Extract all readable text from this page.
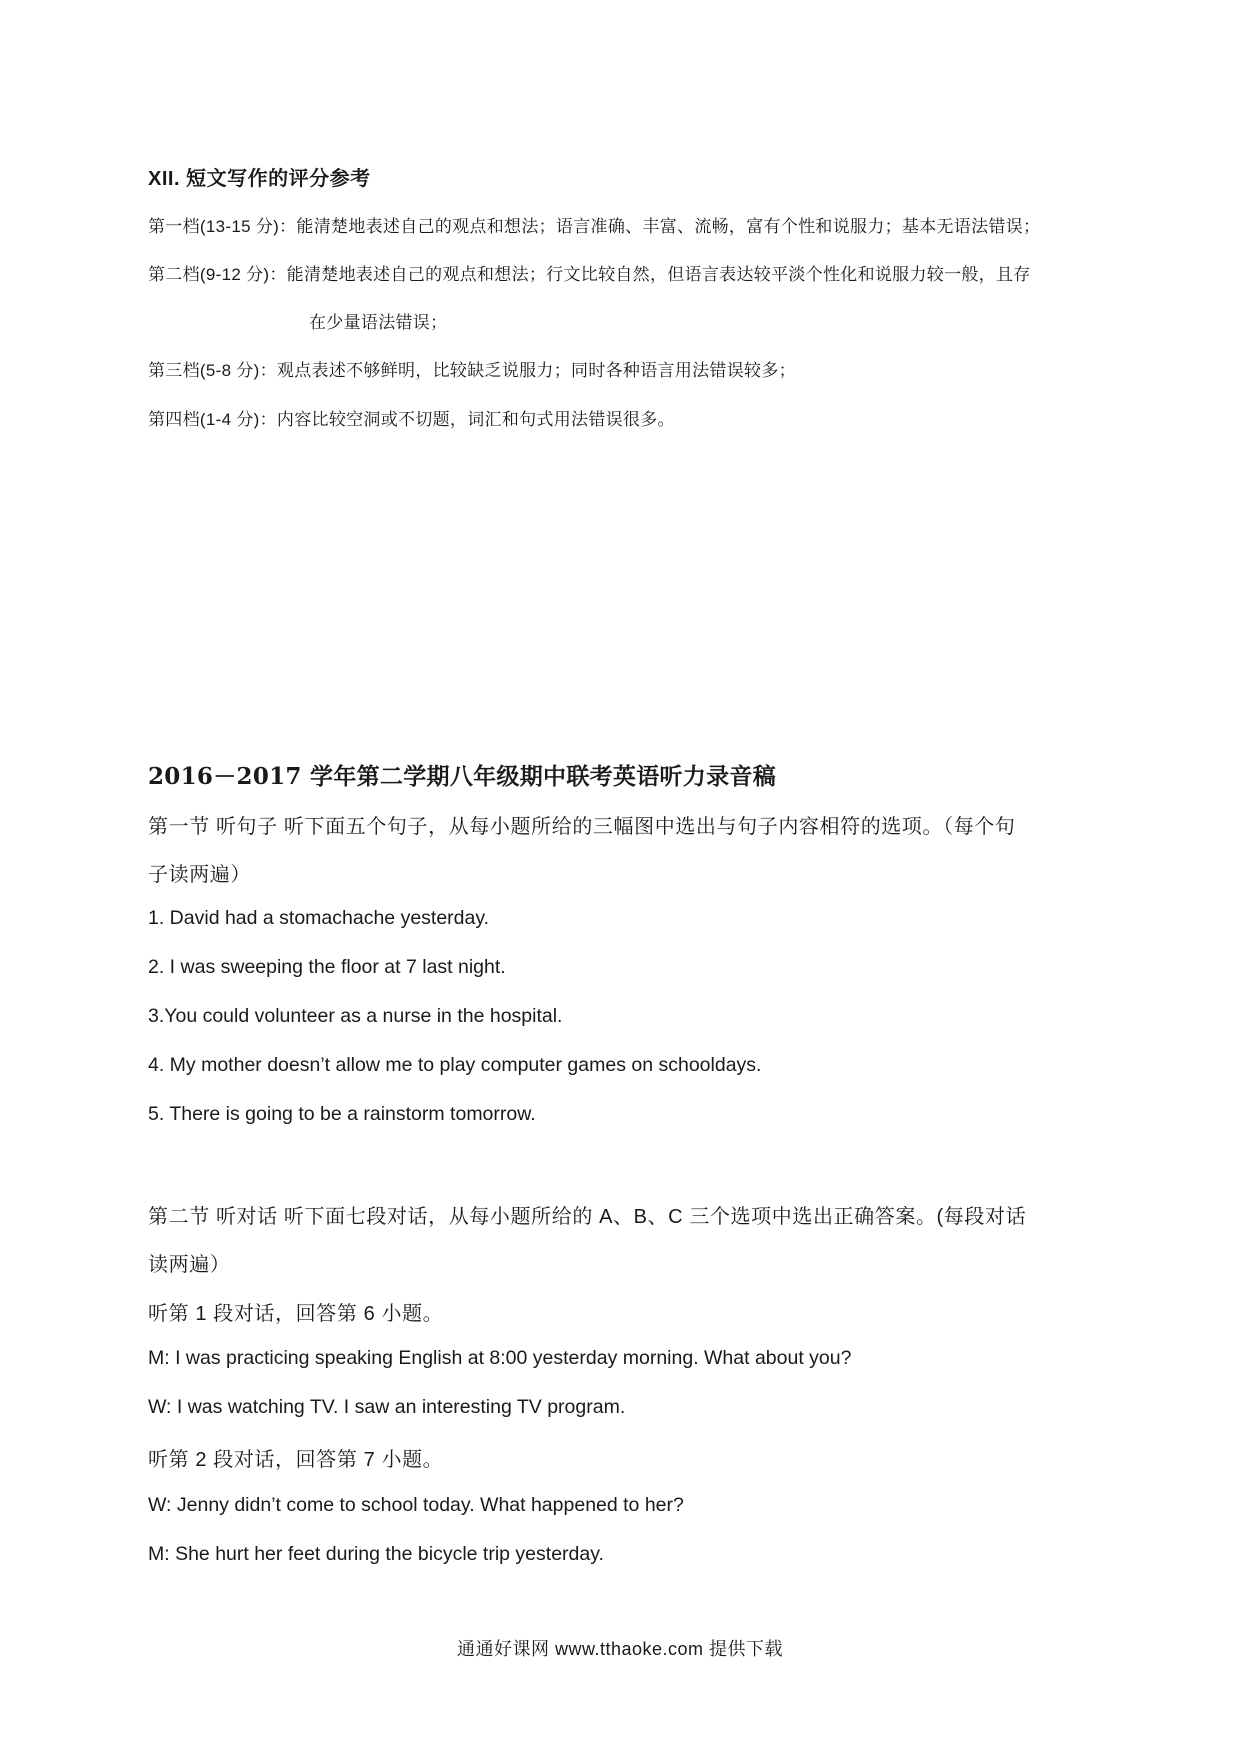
XII. 短文写作的评分参考
第一档(13-15 分)：能清楚地表述自己的观点和想法；语言准确、丰富、流畅，富有个性和说服力；基本无语法错误；
第二档(9-12 分)：能清楚地表述自己的观点和想法；行文比较自然，但语言表达较平淡个性化和说服力较一般，且存
在少量语法错误；
第三档(5-8 分)：观点表述不够鲜明，比较缺乏说服力；同时各种语言用法错误较多；
第四档(1-4 分)：内容比较空洞或不切题，词汇和句式用法错误很多。
2016－2017 学年第二学期八年级期中联考英语听力录音稿
第一节 听句子 听下面五个句子，从每小题所给的三幅图中选出与句子内容相符的选项。（每个句
子读两遍）
1. David had a stomachache yesterday.
2. I was sweeping the floor at 7 last night.
3.You could volunteer as a nurse in the hospital.
4. My mother doesn’t allow me to play computer games on schooldays.
5. There is going to be a rainstorm tomorrow.
第二节 听对话 听下面七段对话，从每小题所给的 A、B、C 三个选项中选出正确答案。(每段对话
读两遍）
听第 1 段对话，回答第 6 小题。
M: I was practicing speaking English at 8:00 yesterday morning. What about you?
W: I was watching TV. I saw an interesting TV program.
听第 2 段对话，回答第 7 小题。
W: Jenny didn’t come to school today. What happened to her?
M: She hurt her feet during the bicycle trip yesterday.
通通好课网 www.tthaoke.com 提供下载
